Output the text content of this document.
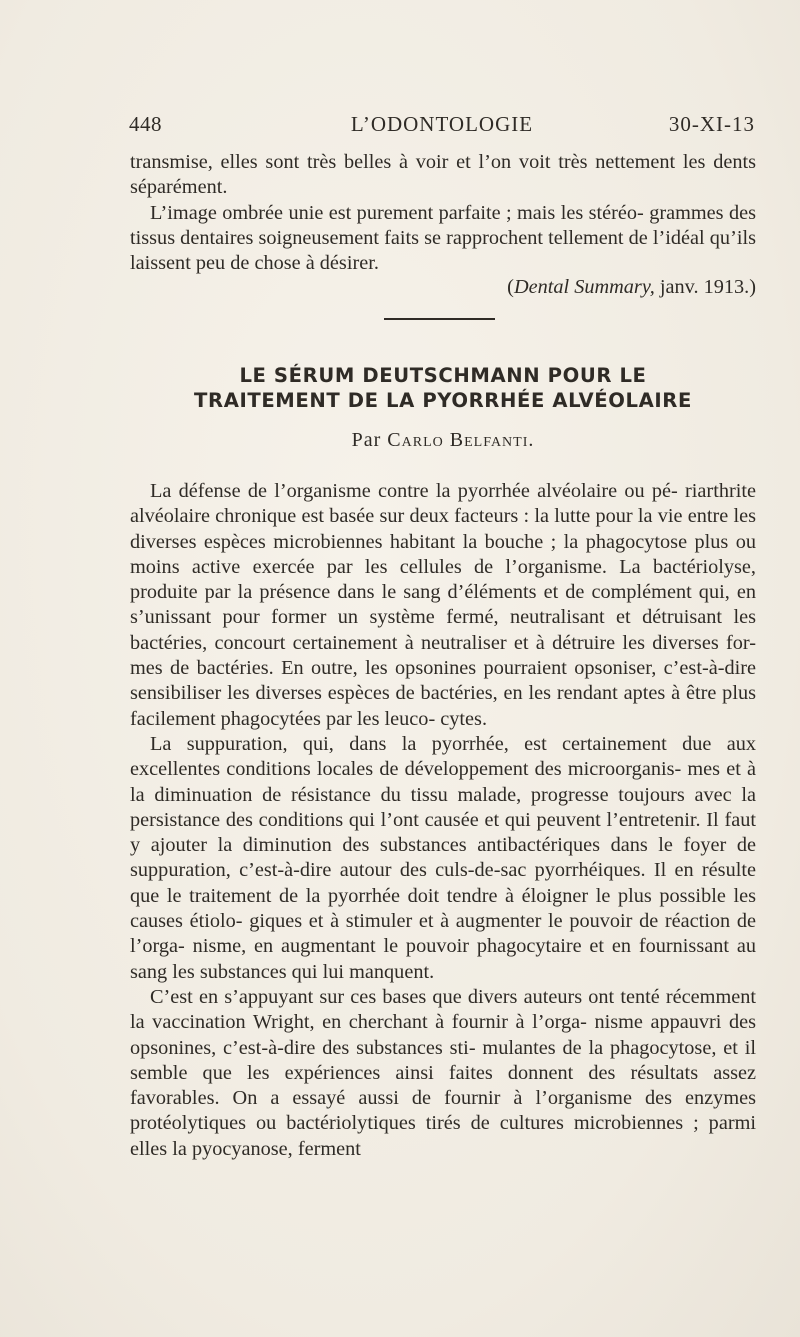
448	L’ODONTOLOGIE	30-XI-13

transmise, elles sont très belles à voir et l’on voit très nettement les dents séparément.

L’image ombrée unie est purement parfaite ; mais les stéréo- grammes des tissus dentaires soigneusement faits se rapprochent tellement de l’idéal qu’ils laissent peu de chose à désirer.

(Dental Summary, janv. 1913.)
LE SÉRUM DEUTSCHMANN POUR LE
TRAITEMENT DE LA PYORRHÉE ALVÉOLAIRE
Par Carlo Belfanti.

La défense de l’organisme contre la pyorrhée alvéolaire ou pé- riarthrite alvéolaire chronique est basée sur deux facteurs : la lutte pour la vie entre les diverses espèces microbiennes habitant la bouche ; la phagocytose plus ou moins active exercée par les cellules de l’organisme. La bactériolyse, produite par la présence dans le sang d’éléments et de complément qui, en s’unissant pour former un système fermé, neutralisant et détruisant les bactéries, concourt certainement à neutraliser et à détruire les diverses for- mes de bactéries. En outre, les opsonines pourraient opsoniser, c’est-à-dire sensibiliser les diverses espèces de bactéries, en les rendant aptes à être plus facilement phagocytées par les leuco- cytes.

La suppuration, qui, dans la pyorrhée, est certainement due aux excellentes conditions locales de développement des microorganis- mes et à la diminuation de résistance du tissu malade, progresse toujours avec la persistance des conditions qui l’ont causée et qui peuvent l’entretenir. Il faut y ajouter la diminution des substances antibactériques dans le foyer de suppuration, c’est-à-dire autour des culs-de-sac pyorrhéiques. Il en résulte que le traitement de la pyorrhée doit tendre à éloigner le plus possible les causes étiolo- giques et à stimuler et à augmenter le pouvoir de réaction de l’orga- nisme, en augmentant le pouvoir phagocytaire et en fournissant au sang les substances qui lui manquent.

C’est en s’appuyant sur ces bases que divers auteurs ont tenté récemment la vaccination Wright, en cherchant à fournir à l’orga- nisme appauvri des opsonines, c’est-à-dire des substances sti- mulantes de la phagocytose, et il semble que les expériences ainsi faites donnent des résultats assez favorables. On a essayé aussi de fournir à l’organisme des enzymes protéolytiques ou bactériolytiques tirés de cultures microbiennes ; parmi elles la pyocyanose, ferment
